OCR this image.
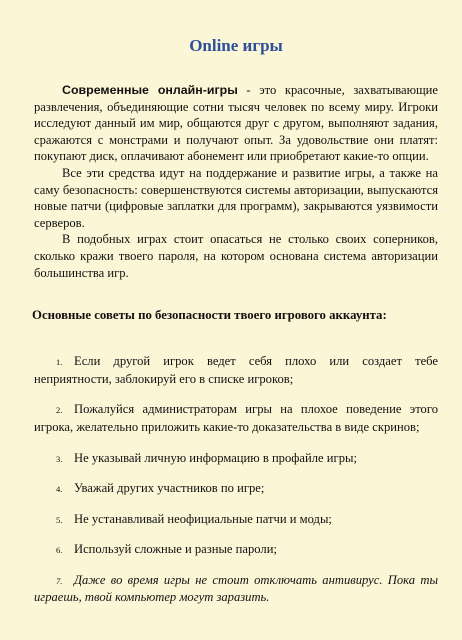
Online игры

Современные онлайн-игры - это красочные, захватывающие развлечения, объединяющие сотни тысяч человек по всему миру. Игроки исследуют данный им мир, общаются друг с другом, выполняют задания, сражаются с монстрами и получают опыт. За удовольствие они платят: покупают диск, оплачивают абонемент или приобретают какие-то опции.

Все эти средства идут на поддержание и развитие игры, а также на саму безопасность: совершенствуются системы авторизации, выпускаются новые патчи (цифровые заплатки для программ), закрываются уязвимости серверов.

В подобных играх стоит опасаться не столько своих соперников, сколько кражи твоего пароля, на котором основана система авторизации большинства игр.

Основные советы по безопасности твоего игрового аккаунта:

1. Если другой игрок ведет себя плохо или создает тебе неприятности, заблокируй его в списке игроков;
2. Пожалуйся администраторам игры на плохое поведение этого игрока, желательно приложить какие-то доказательства в виде скринов;
3. Не указывай личную информацию в профайле игры;
4. Уважай других участников по игре;
5. Не устанавливай неофициальные патчи и моды;
6. Используй сложные и разные пароли;
7. Даже во время игры не стоит отключать антивирус. Пока ты играешь, твой компьютер могут заразить.
